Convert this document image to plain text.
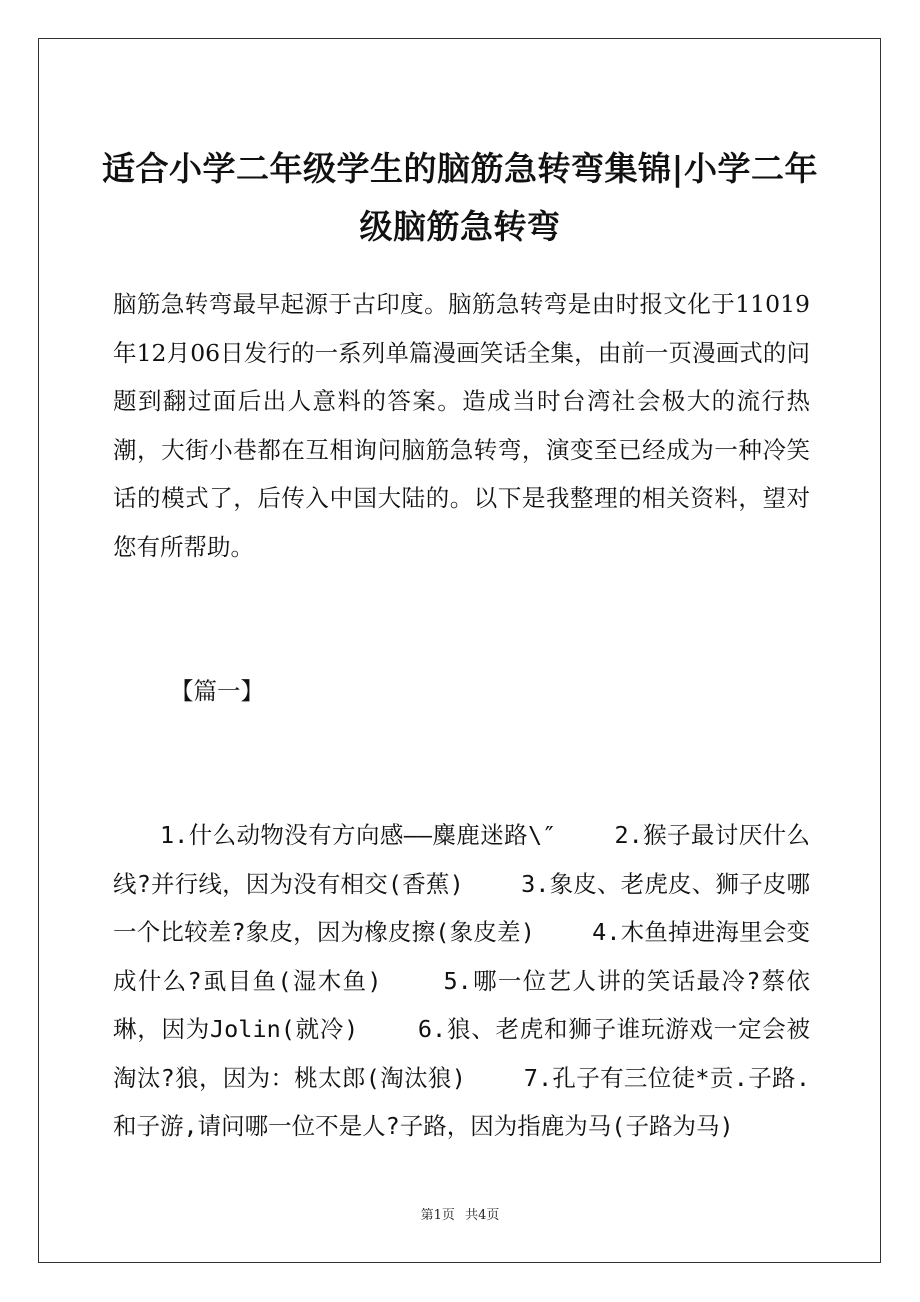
适合小学二年级学生的脑筋急转弯集锦|小学二年级脑筋急转弯

脑筋急转弯最早起源于古印度。脑筋急转弯是由时报文化于11019年12月06日发行的一系列单篇漫画笑话全集，由前一页漫画式的问题到翻过面后出人意料的答案。造成当时台湾社会极大的流行热潮，大街小巷都在互相询问脑筋急转弯，演变至已经成为一种冷笑话的模式了，后传入中国大陆的。以下是我整理的相关资料，望对您有所帮助。

【篇一】

1.什么动物没有方向感——麋鹿迷路\″    2.猴子最讨厌什么线?并行线，因为没有相交(香蕉)    3.象皮、老虎皮、狮子皮哪一个比较差?象皮，因为橡皮擦(象皮差)    4.木鱼掉进海里会变成什么?虱目鱼(湿木鱼)    5.哪一位艺人讲的笑话最冷?蔡依琳，因为Jolin(就冷)    6.狼、老虎和狮子谁玩游戏一定会被淘汰?狼，因为：桃太郎(淘汰狼)    7.孔子有三位徒*贡.子路.和子游,请问哪一位不是人?子路，因为指鹿为马(子路为马)

第1页 共4页
